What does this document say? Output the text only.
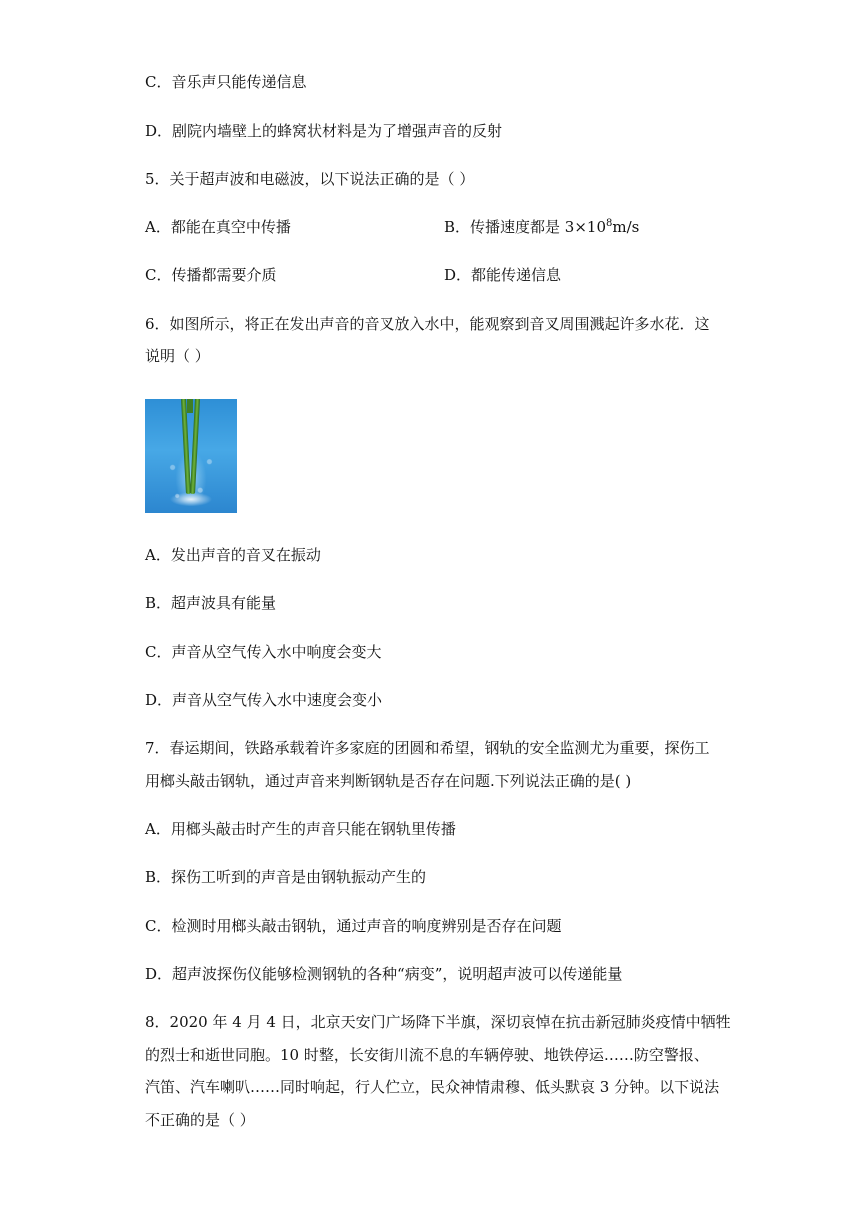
C．音乐声只能传递信息
D．剧院内墙壁上的蜂窝状材料是为了增强声音的反射
5．关于超声波和电磁波，以下说法正确的是（ ）
A．都能在真空中传播	B．传播速度都是 $3\times 10^8m/s$
C．传播都需要介质	D．都能传递信息
6．如图所示，将正在发出声音的音叉放入水中，能观察到音叉周围溅起许多水花．这
说明（ ）
A．发出声音的音叉在振动
B．超声波具有能量
C．声音从空气传入水中响度会变大
D．声音从空气传入水中速度会变小
7．春运期间，铁路承载着许多家庭的团圆和希望，钢轨的安全监测尤为重要，探伤工
用榔头敲击钢轨，通过声音来判断钢轨是否存在问题.下列说法正确的是( )
A．用榔头敲击时产生的声音只能在钢轨里传播
B．探伤工听到的声音是由钢轨振动产生的
C．检测时用榔头敲击钢轨，通过声音的响度辨别是否存在问题
D．超声波探伤仪能够检测钢轨的各种“病变”，说明超声波可以传递能量
8．2020 年 4 月 4 日，北京天安门广场降下半旗，深切哀悼在抗击新冠肺炎疫情中牺牲
的烈士和逝世同胞。10 时整，长安街川流不息的车辆停驶、地铁停运……防空警报、
汽笛、汽车喇叭……同时响起，行人伫立，民众神情肃穆、低头默哀 3 分钟。以下说法
不正确的是（ ）
